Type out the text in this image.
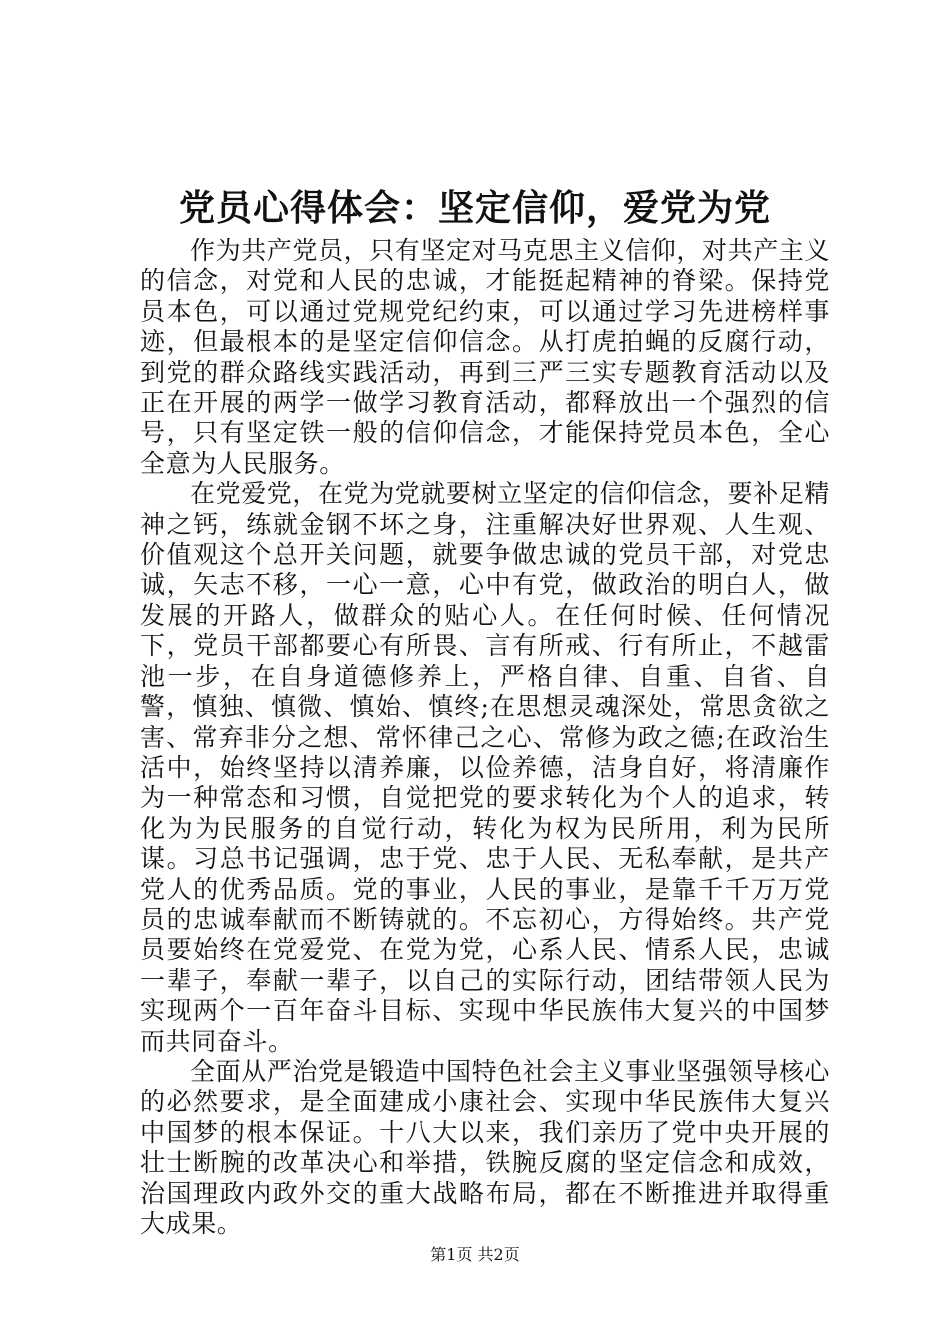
党员心得体会：坚定信仰，爱党为党

作为共产党员，只有坚定对马克思主义信仰，对共产主义的信念，对党和人民的忠诚，才能挺起精神的脊梁。保持党员本色，可以通过党规党纪约束，可以通过学习先进榜样事迹，但最根本的是坚定信仰信念。从打虎拍蝇的反腐行动，到党的群众路线实践活动，再到三严三实专题教育活动以及正在开展的两学一做学习教育活动，都释放出一个强烈的信号，只有坚定铁一般的信仰信念，才能保持党员本色，全心全意为人民服务。

在党爱党，在党为党就要树立坚定的信仰信念，要补足精神之钙，练就金钢不坏之身，注重解决好世界观、人生观、价值观这个总开关问题，就要争做忠诚的党员干部，对党忠诚，矢志不移，一心一意，心中有党，做政治的明白人，做发展的开路人，做群众的贴心人。在任何时候、任何情况下，党员干部都要心有所畏、言有所戒、行有所止，不越雷池一步，在自身道德修养上，严格自律、自重、自省、自警，慎独、慎微、慎始、慎终;在思想灵魂深处，常思贪欲之害、常弃非分之想、常怀律己之心、常修为政之德;在政治生活中，始终坚持以清养廉，以俭养德，洁身自好，将清廉作为一种常态和习惯，自觉把党的要求转化为个人的追求，转化为为民服务的自觉行动，转化为权为民所用，利为民所谋。习总书记强调，忠于党、忠于人民、无私奉献，是共产党人的优秀品质。党的事业，人民的事业，是靠千千万万党员的忠诚奉献而不断铸就的。不忘初心，方得始终。共产党员要始终在党爱党、在党为党，心系人民、情系人民，忠诚一辈子，奉献一辈子，以自己的实际行动，团结带领人民为实现两个一百年奋斗目标、实现中华民族伟大复兴的中国梦而共同奋斗。

全面从严治党是锻造中国特色社会主义事业坚强领导核心的必然要求，是全面建成小康社会、实现中华民族伟大复兴中国梦的根本保证。十八大以来，我们亲历了党中央开展的壮士断腕的改革决心和举措，铁腕反腐的坚定信念和成效，治国理政内政外交的重大战略布局，都在不断推进并取得重大成果。

第1页 共2页
